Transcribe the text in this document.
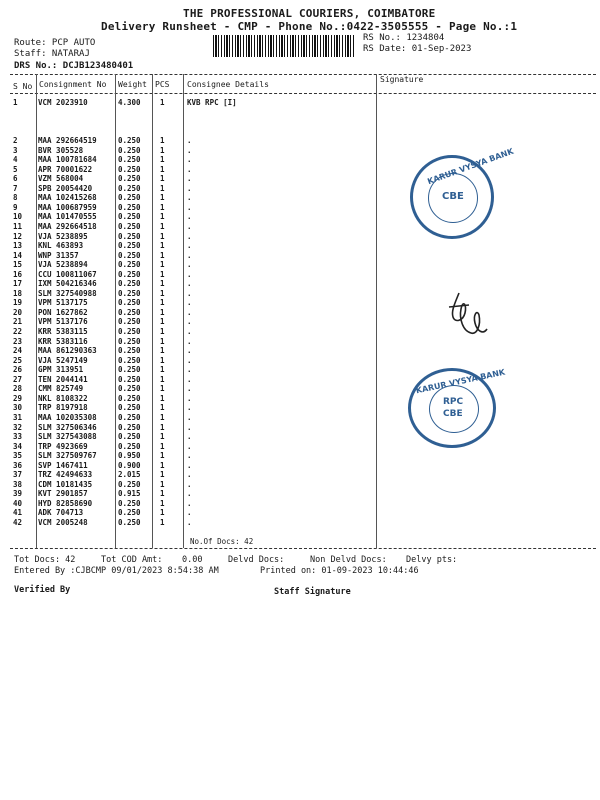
THE PROFESSIONAL COURIERS, COIMBATORE
Delivery Runsheet - CMP - Phone No.:0422-3505555 - Page No.:1
Route: PCP AUTO
Staff: NATARAJ
DRS No.: DCJB123480401
RS No.: 1234804
RS Date: 01-Sep-2023
S No Consignment No Weight PCS Consignee Details
Signature
1	VCM 2023910	4.300	1	KVB RPC [I]
2	MAA 292664519	0.250	1	.
3	BVR 305528	0.250	1	.
4	MAA 100781684	0.250	1	.
5	APR 70001622	0.250	1	.
6	VZM 568004	0.250	1	.
7	SPB 20054420	0.250	1	.
8	MAA 102415268	0.250	1	.
9	MAA 100687959	0.250	1	.
10 MAA 101470555	0.250	1	.
11 MAA 292664518	0.250	1	.
12 VJA 5238895	0.250	1	.
13 KNL 463893	0.250	1	.
14 WNP 31357	0.250	1	.
15 VJA 5238894	0.250	1	.
16 CCU 100811067	0.250	1	.
17 IXM 504216346	0.250	1	.
18 SLM 327540988	0.250	1	.
19 VPM 5137175	0.250	1	.
20 PON 1627862	0.250	1	.
21 VPM 5137176	0.250	1	.
22 KRR 5383115	0.250	1	.
23 KRR 5383116	0.250	1	.
24 MAA 861290363	0.250	1	.
25 VJA 5247149	0.250	1	.
26 GPM 313951	0.250	1	.
27 TEN 2044141	0.250	1	.
28 CMM 825749	0.250	1	.
29 NKL 8108322	0.250	1	.
30 TRP 8197918	0.250	1	.
31 MAA 102035308	0.250	1	.
32 SLM 327506346	0.250	1	.
33 SLM 327543088	0.250	1	.
34 TRP 4923669	0.250	1	.
35 SLM 327509767	0.950	1	.
36 SVP 1467411	0.900	1	.
37 TRZ 42494633	2.015	1	.
38 CDM 10181435	0.250	1	.
39 KVT 2901857	0.915	1	.
40 HYD 82858690	0.250	1	.
41 ADK 704713	0.250	1	.
42 VCM 2005248	0.250	1	.
No.Of Docs: 42
Tot Docs: 42	Tot COD Amt: 0.00	Delvd Docs:	Non Delvd Docs: Delvy pts:
Entered By :CJBCMP 09/01/2023 8:54:38 AM	Printed on: 01-09-2023 10:44:46
Verified By	Staff Signature
KARUR VYSYA BANK
CBE
KARUR VYSYA BANK
RPC
CBE
